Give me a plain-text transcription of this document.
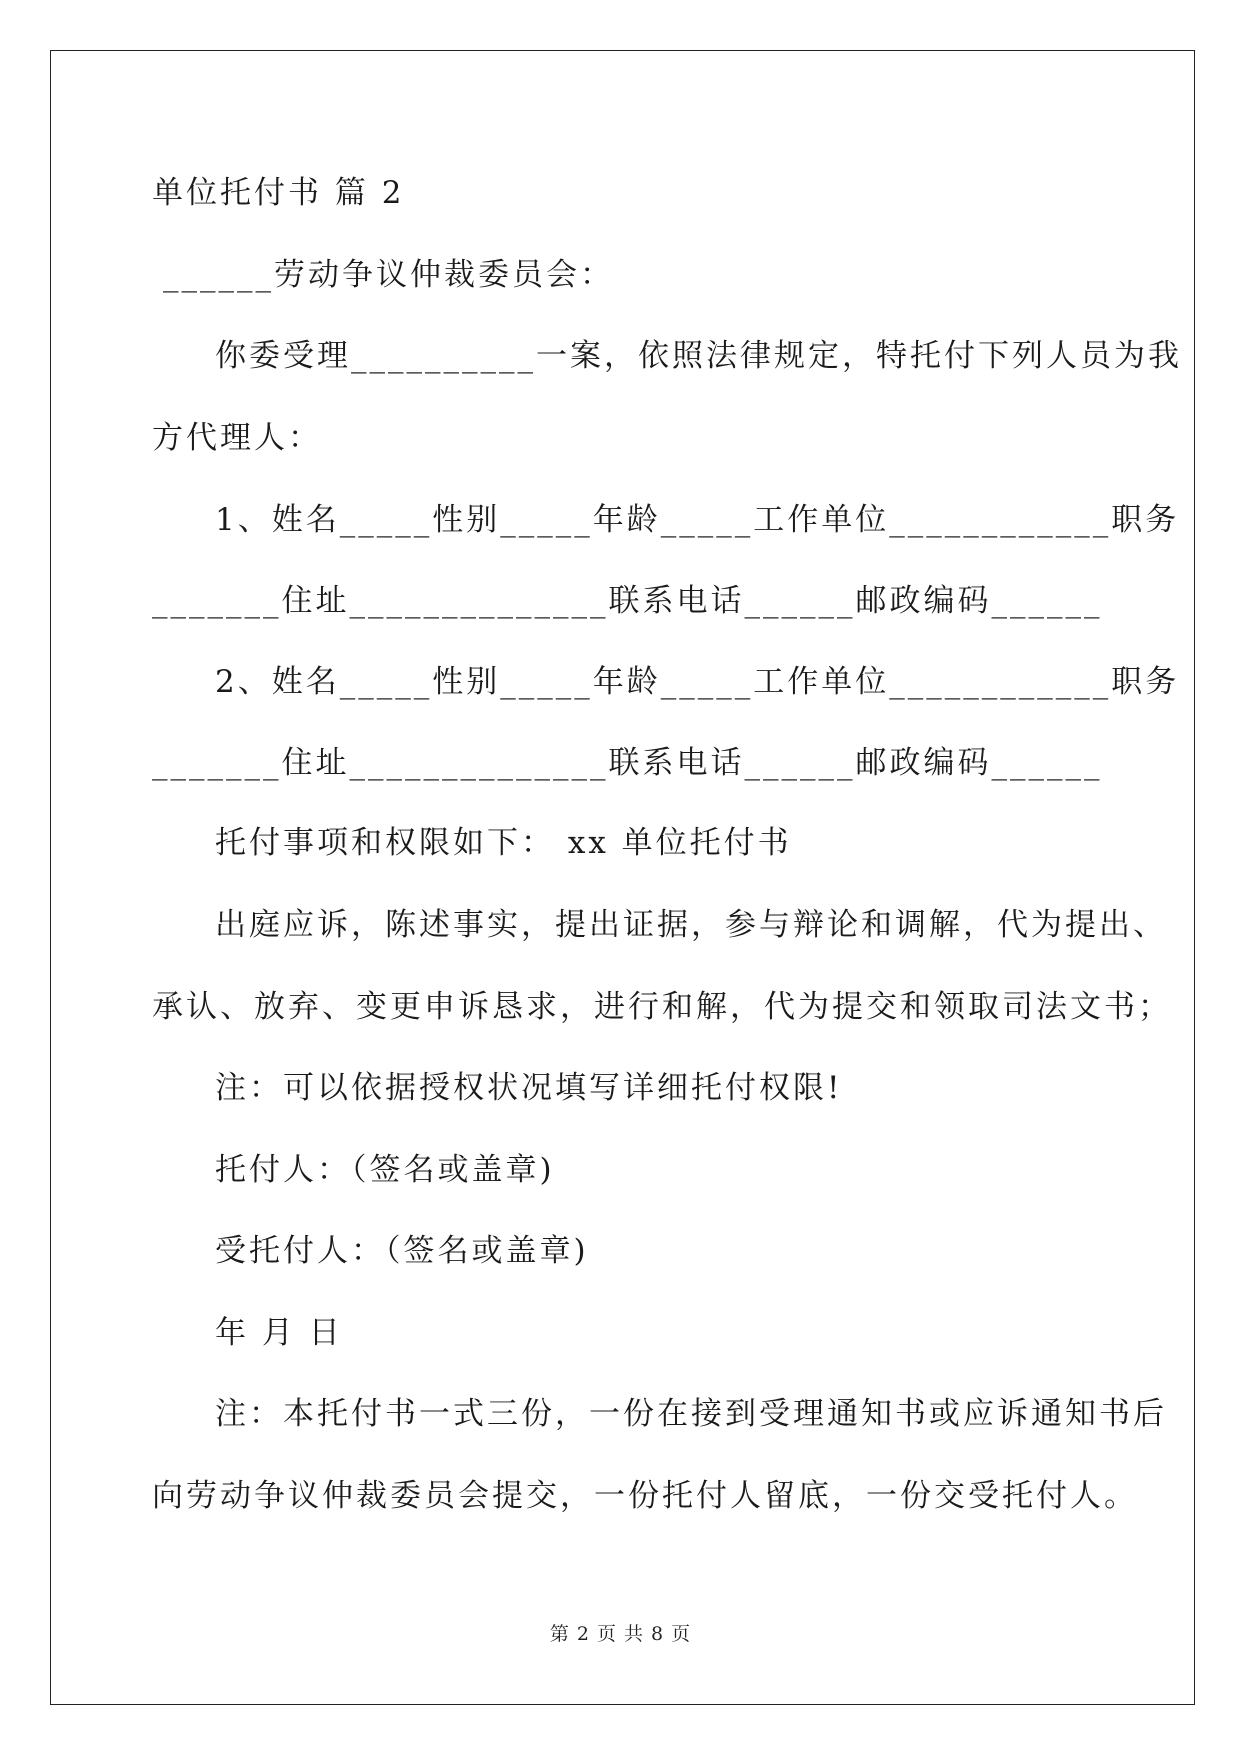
单位托付书 篇 2
______劳动争议仲裁委员会：
你委受理__________一案，依照法律规定，特托付下列人员为我
方代理人：
1、姓名_____性别_____年龄_____工作单位____________职务
_______住址______________联系电话______邮政编码______
2、姓名_____性别_____年龄_____工作单位____________职务
_______住址______________联系电话______邮政编码______
托付事项和权限如下： xx 单位托付书
出庭应诉，陈述事实，提出证据，参与辩论和调解，代为提出、
承认、放弃、变更申诉恳求，进行和解，代为提交和领取司法文书；
注：可以依据授权状况填写详细托付权限!
托付人：（签名或盖章)
受托付人：（签名或盖章)
年 月 日
注：本托付书一式三份，一份在接到受理通知书或应诉通知书后
向劳动争议仲裁委员会提交，一份托付人留底，一份交受托付人。
第 2 页 共 8 页
